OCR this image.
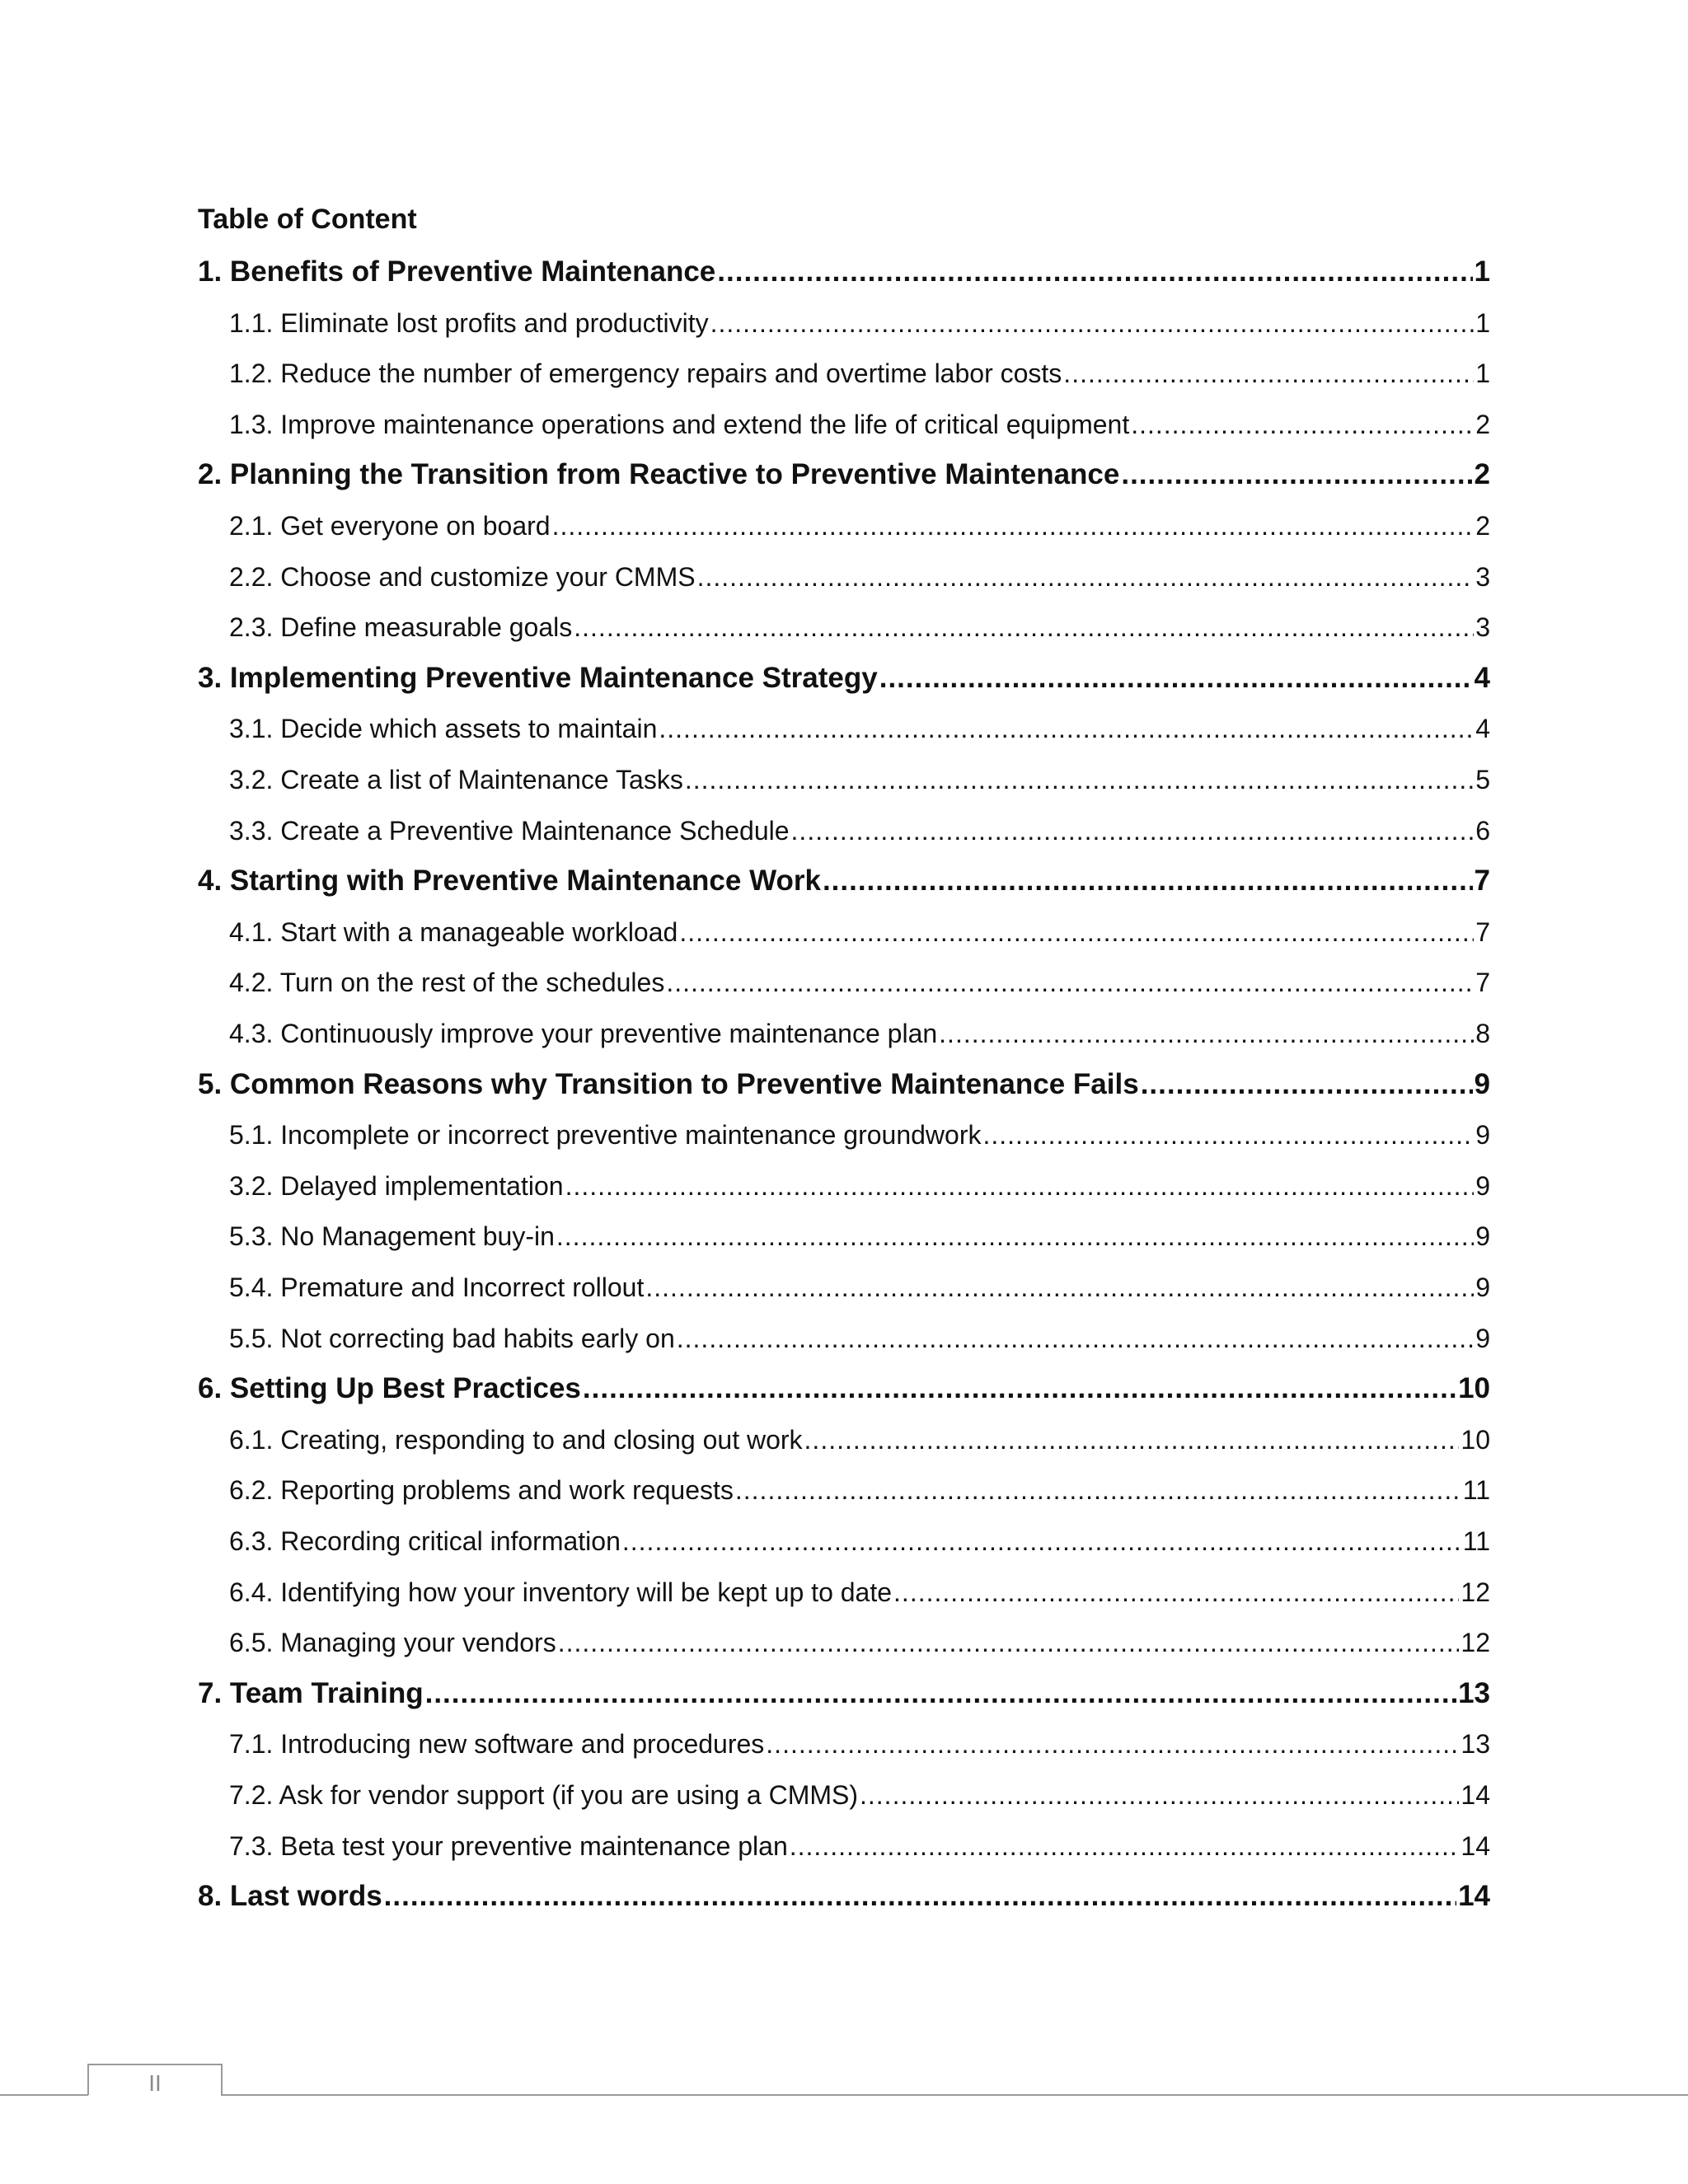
Table of Content
1. Benefits of Preventive Maintenance .....	1
1.1. Eliminate lost profits and productivity .....	1
1.2. Reduce the number of emergency repairs and overtime labor costs .....	1
1.3. Improve maintenance operations and extend the life of critical equipment .....	2
2. Planning the Transition from Reactive to Preventive Maintenance .....	2
2.1. Get everyone on board .....	2
2.2. Choose and customize your CMMS .....	3
2.3. Define measurable goals .....	3
3. Implementing Preventive Maintenance Strategy .....	4
3.1. Decide which assets to maintain .....	4
3.2. Create a list of Maintenance Tasks .....	5
3.3. Create a Preventive Maintenance Schedule .....	6
4. Starting with Preventive Maintenance Work .....	7
4.1. Start with a manageable workload .....	7
4.2. Turn on the rest of the schedules .....	7
4.3. Continuously improve your preventive maintenance plan .....	8
5. Common Reasons why Transition to Preventive Maintenance Fails .....	9
5.1. Incomplete or incorrect preventive maintenance groundwork .....	9
3.2. Delayed implementation .....	9
5.3. No Management buy-in .....	9
5.4. Premature and Incorrect rollout .....	9
5.5. Not correcting bad habits early on .....	9
6. Setting Up Best Practices .....	10
6.1. Creating, responding to and closing out work .....	10
6.2. Reporting problems and work requests .....	11
6.3. Recording critical information .....	11
6.4. Identifying how your inventory will be kept up to date .....	12
6.5. Managing your vendors .....	12
7. Team Training .....	13
7.1. Introducing new software and procedures .....	13
7.2. Ask for vendor support (if you are using a CMMS) .....	14
7.3. Beta test your preventive maintenance plan .....	14
8. Last words .....	14
II
